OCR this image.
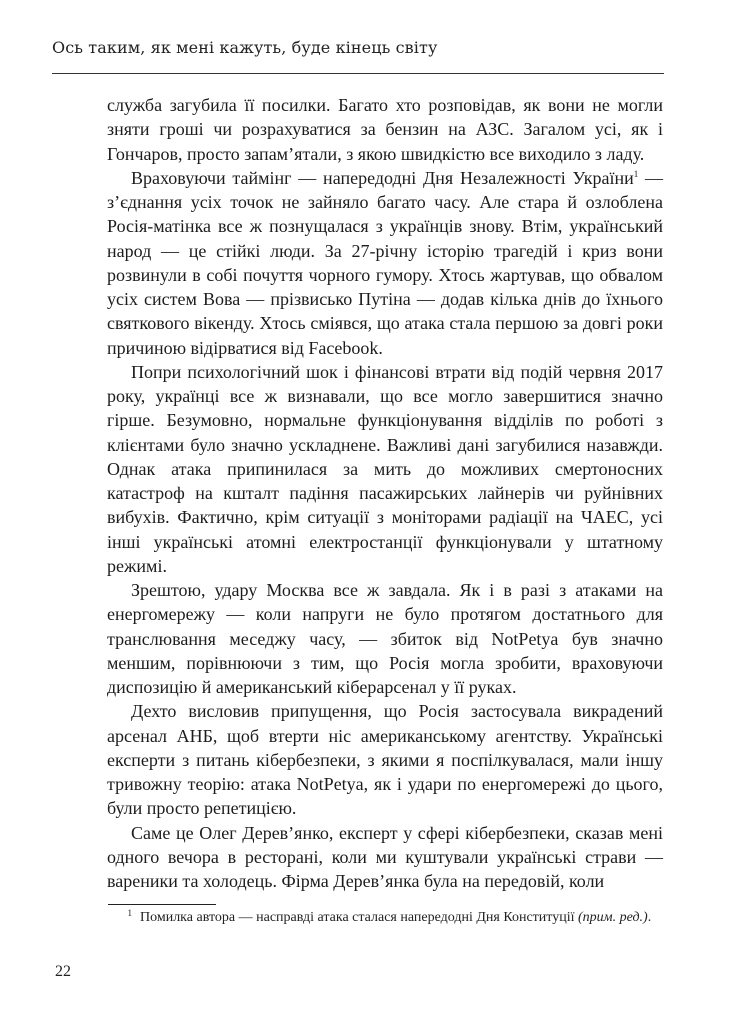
Ось таким, як мені кажуть, буде кінець світу

служба загубила її посилки. Багато хто розповідав, як вони не могли зняти гроші чи розрахуватися за бензин на АЗС. Загалом усі, як і Гончаров, просто запам’ятали, з якою швидкістю все виходило з ладу.

Враховуючи таймінг — напередодні Дня Незалежності України$^1$ — з’єднання усіх точок не зайняло багато часу. Але стара й озлоблена Росія-матінка все ж познущалася з українців знову. Втім, український народ — це стійкі люди. За 27-річну історію трагедій і криз вони розвинули в собі почуття чорного гумору. Хтось жартував, що обвалом усіх систем Вова — прізвисько Путіна — додав кілька днів до їхнього святкового вікенду. Хтось сміявся, що атака стала першою за довгі роки причиною відірватися від Facebook.

Попри психологічний шок і фінансові втрати від подій червня 2017 року, українці все ж визнавали, що все могло завершитися значно гірше. Безумовно, нормальне функціонування відділів по роботі з клієнтами було значно ускладнене. Важливі дані загубилися назавжди. Однак атака припинилася за мить до можливих смертоносних катастроф на кшталт падіння пасажирських лайнерів чи руйнівних вибухів. Фактично, крім ситуації з моніторами радіації на ЧАЕС, усі інші українські атомні електростанції функціонували у штатному режимі.

Зрештою, удару Москва все ж завдала. Як і в разі з атаками на енергомережу — коли напруги не було протягом достатнього для транслювання меседжу часу, — збиток від NotPetya був значно меншим, порівнюючи з тим, що Росія могла зробити, враховуючи диспозицію й американський кіберарсенал у її руках.

Дехто висловив припущення, що Росія застосувала викрадений арсенал АНБ, щоб втерти ніс американському агентству. Українські експерти з питань кібербезпеки, з якими я поспілкувалася, мали іншу тривожну теорію: атака NotPetya, як і удари по енергомережі до цього, були просто репетицією.

Саме це Олег Дерев’янко, експерт у сфері кібербезпеки, сказав мені одного вечора в ресторані, коли ми куштували українські страви — вареники та холодець. Фірма Дерев’янка була на передовій, коли

1 Помилка автора — насправді атака сталася напередодні Дня Конституції (прим. ред.).
22
